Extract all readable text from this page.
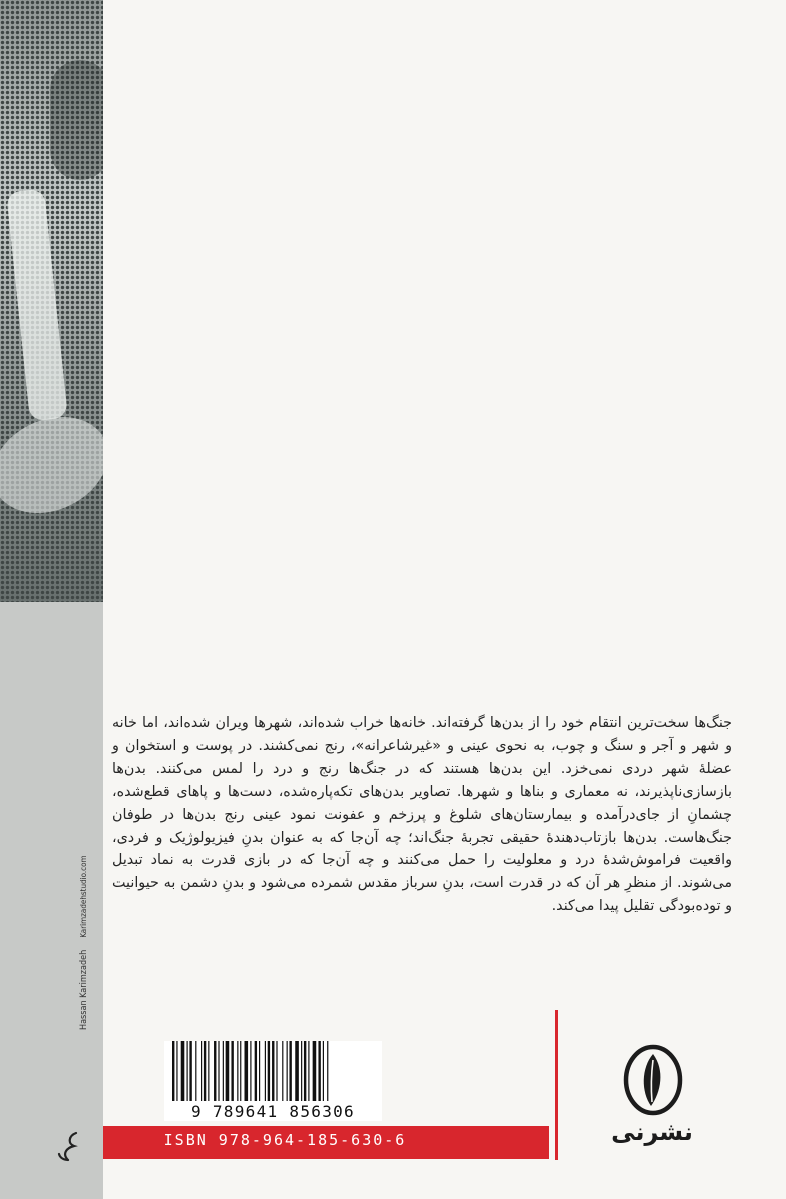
Hassan KarimzadehKarimzadehstudio.com

جنگ‌ها سخت‌ترین انتقام خود را از بدن‌ها گرفته‌اند. خانه‌ها خراب شده‌اند، شهرها ویران شده‌اند، اما خانه و شهر و آجر و سنگ و چوب، به نحوی عینی و «غیرشاعرانه»، رنج نمی‌کشند. در پوست و استخوان و عضلهٔ شهر دردی نمی‌خزد. این بدن‌ها هستند که در جنگ‌ها رنج و درد را لمس می‌کنند. بدن‌ها بازسازی‌ناپذیرند، نه معماری و بناها و شهرها. تصاویر بدن‌های تکه‌پاره‌شده، دست‌ها و پاهای قطع‌شده، چشمانِ از جای‌درآمده و بیمارستان‌های شلوغ و پرزخم و عفونت نمود عینی رنج بدن‌ها در طوفان جنگ‌هاست. بدن‌ها بازتاب‌دهندهٔ حقیقی تجربهٔ جنگ‌اند؛ چه آن‌جا که به عنوان بدنِ فیزیولوژیک و فردی، واقعیت فراموش‌شدهٔ درد و معلولیت را حمل می‌کنند و چه آن‌جا که در بازی قدرت به نماد تبدیل می‌شوند. از منظرِ هر آن که در قدرت است، بدنِ سرباز مقدس شمرده می‌شود و بدنِ دشمن به حیوانیت و توده‌بودگی تقلیل پیدا می‌کند.

9 789641 856306
ISBN 978-964-185-630-6	نشرنی
